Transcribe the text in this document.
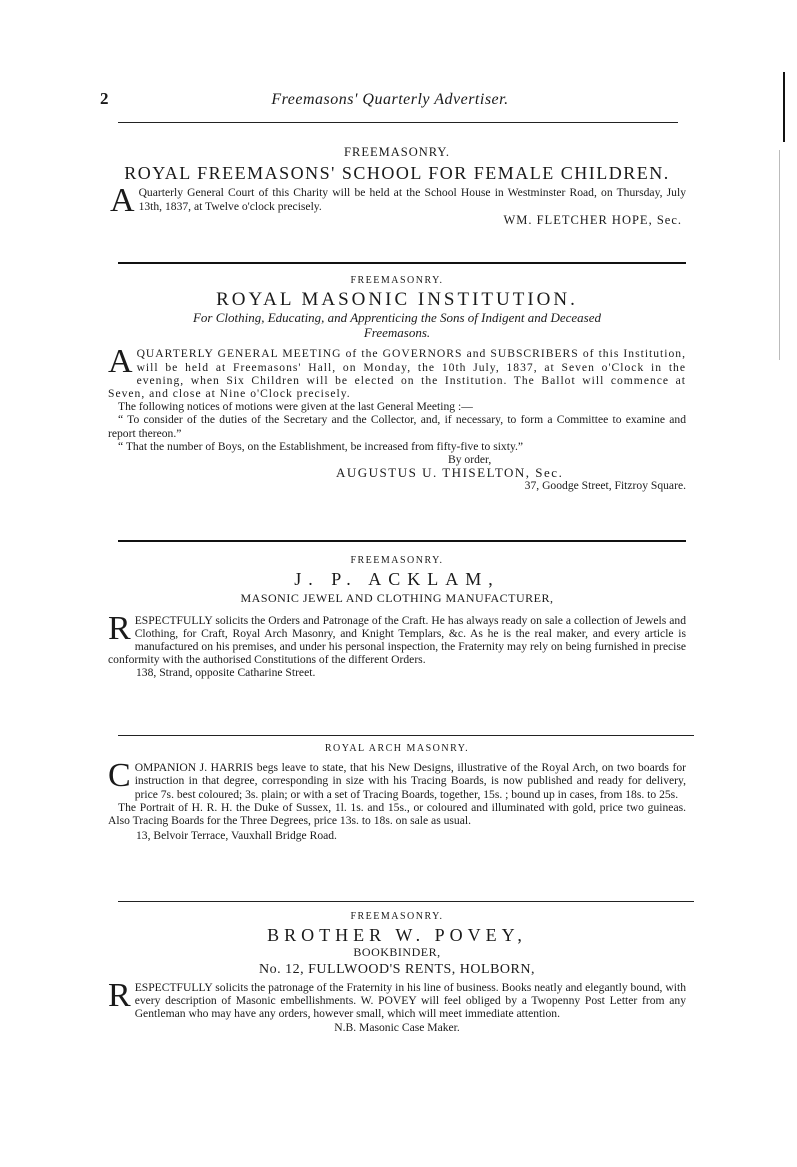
2	Freemasons' Quarterly Advertiser.
FREEMASONRY.
ROYAL FREEMASONS' SCHOOL FOR FEMALE CHILDREN.
A Quarterly General Court of this Charity will be held at the School House in Westminster Road, on Thursday, July 13th, 1837, at Twelve o'clock precisely.

WM. FLETCHER HOPE, Sec.
FREEMASONRY.
ROYAL MASONIC INSTITUTION.
For Clothing, Educating, and Apprenticing the Sons of Indigent and Deceased Freemasons.
A QUARTERLY GENERAL MEETING of the GOVERNORS and SUBSCRIBERS of this Institution, will be held at Freemasons' Hall, on Monday, the 10th July, 1837, at Seven o'Clock in the evening, when Six Children will be elected on the Institution. The Ballot will commence at Seven, and close at Nine o'Clock precisely.

The following notices of motions were given at the last General Meeting :—

“ To consider of the duties of the Secretary and the Collector, and, if necessary, to form a Committee to examine and report thereon.”

“ That the number of Boys, on the Establishment, be increased from fifty-five to sixty.”

By order,
AUGUSTUS U. THISELTON, Sec.
37, Goodge Street, Fitzroy Square.
FREEMASONRY.
J. P. ACKLAM,
MASONIC JEWEL AND CLOTHING MANUFACTURER,
R ESPECTFULLY solicits the Orders and Patronage of the Craft. He has always ready on sale a collection of Jewels and Clothing, for Craft, Royal Arch Masonry, and Knight Templars, &c. As he is the real maker, and every article is manufactured on his premises, and under his personal inspection, the Fraternity may rely on being furnished in precise conformity with the authorised Constitutions of the different Orders.

138, Strand, opposite Catharine Street.
ROYAL ARCH MASONRY.
C OMPANION J. HARRIS begs leave to state, that his New Designs, illustrative of the Royal Arch, on two boards for instruction in that degree, corresponding in size with his Tracing Boards, is now published and ready for delivery, price 7s. best coloured; 3s. plain; or with a set of Tracing Boards, together, 15s. ; bound up in cases, from 18s. to 25s.

The Portrait of H. R. H. the Duke of Sussex, 1l. 1s. and 15s., or coloured and illuminated with gold, price two guineas. Also Tracing Boards for the Three Degrees, price 13s. to 18s. on sale as usual.

13, Belvoir Terrace, Vauxhall Bridge Road.
FREEMASONRY.
BROTHER W. POVEY,
BOOKBINDER,
No. 12, FULLWOOD'S RENTS, HOLBORN,
R ESPECTFULLY solicits the patronage of the Fraternity in his line of business. Books neatly and elegantly bound, with every description of Masonic embellishments. W. POVEY will feel obliged by a Twopenny Post Letter from any Gentleman who may have any orders, however small, which will meet immediate attention.

N.B. Masonic Case Maker.
